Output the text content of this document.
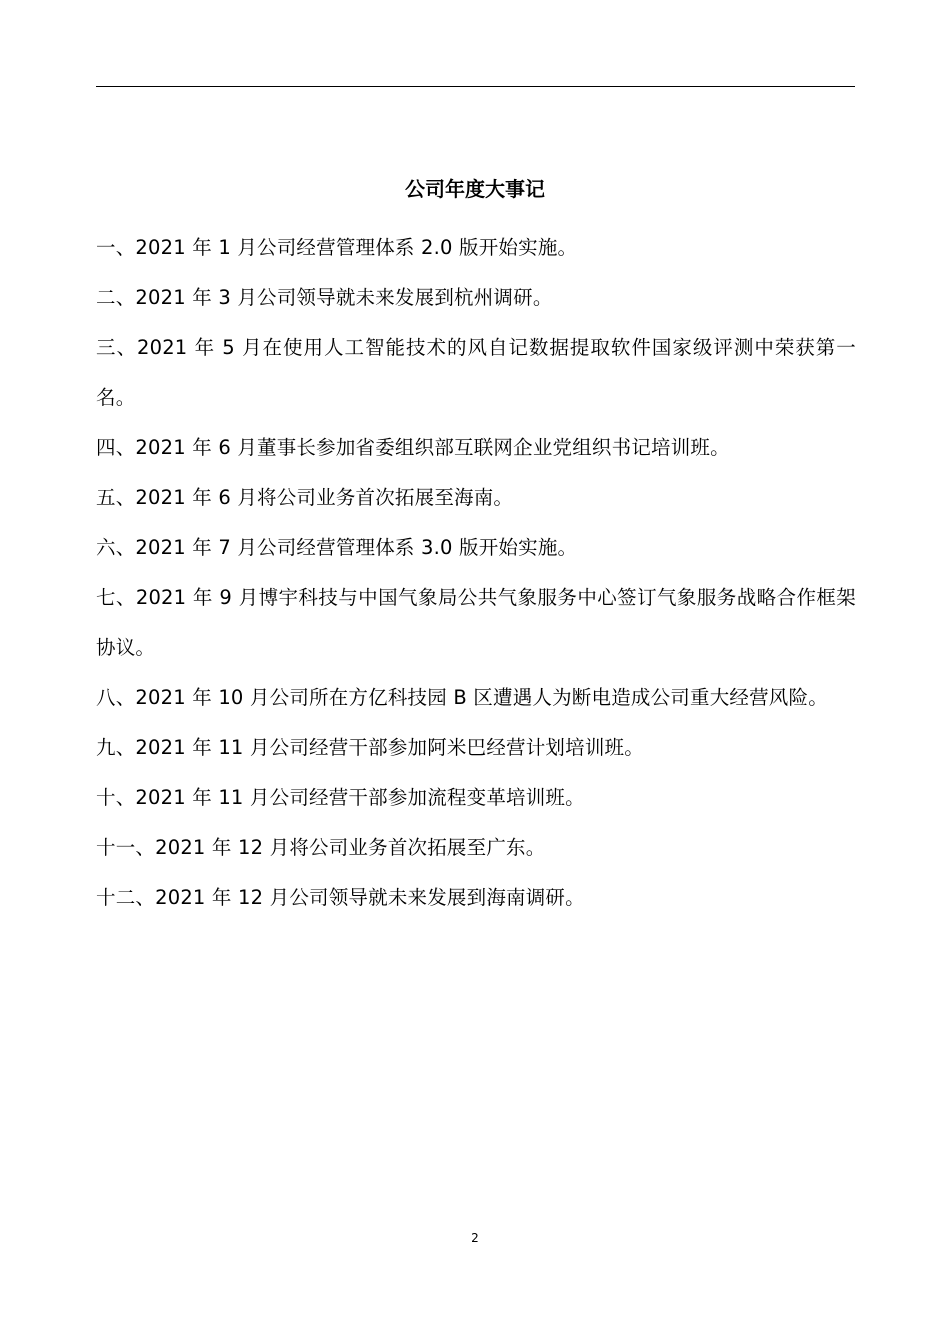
公司年度大事记
一、2021 年 1 月公司经营管理体系 2.0 版开始实施。
二、2021 年 3 月公司领导就未来发展到杭州调研。
三、2021 年 5 月在使用人工智能技术的风自记数据提取软件国家级评测中荣获第一名。
四、2021 年 6 月董事长参加省委组织部互联网企业党组织书记培训班。
五、2021 年 6 月将公司业务首次拓展至海南。
六、2021 年 7 月公司经营管理体系 3.0 版开始实施。
七、2021 年 9 月博宇科技与中国气象局公共气象服务中心签订气象服务战略合作框架协议。
八、2021 年 10 月公司所在方亿科技园 B 区遭遇人为断电造成公司重大经营风险。
九、2021 年 11 月公司经营干部参加阿米巴经营计划培训班。
十、2021 年 11 月公司经营干部参加流程变革培训班。
十一、2021 年 12 月将公司业务首次拓展至广东。
十二、2021 年 12 月公司领导就未来发展到海南调研。
2
